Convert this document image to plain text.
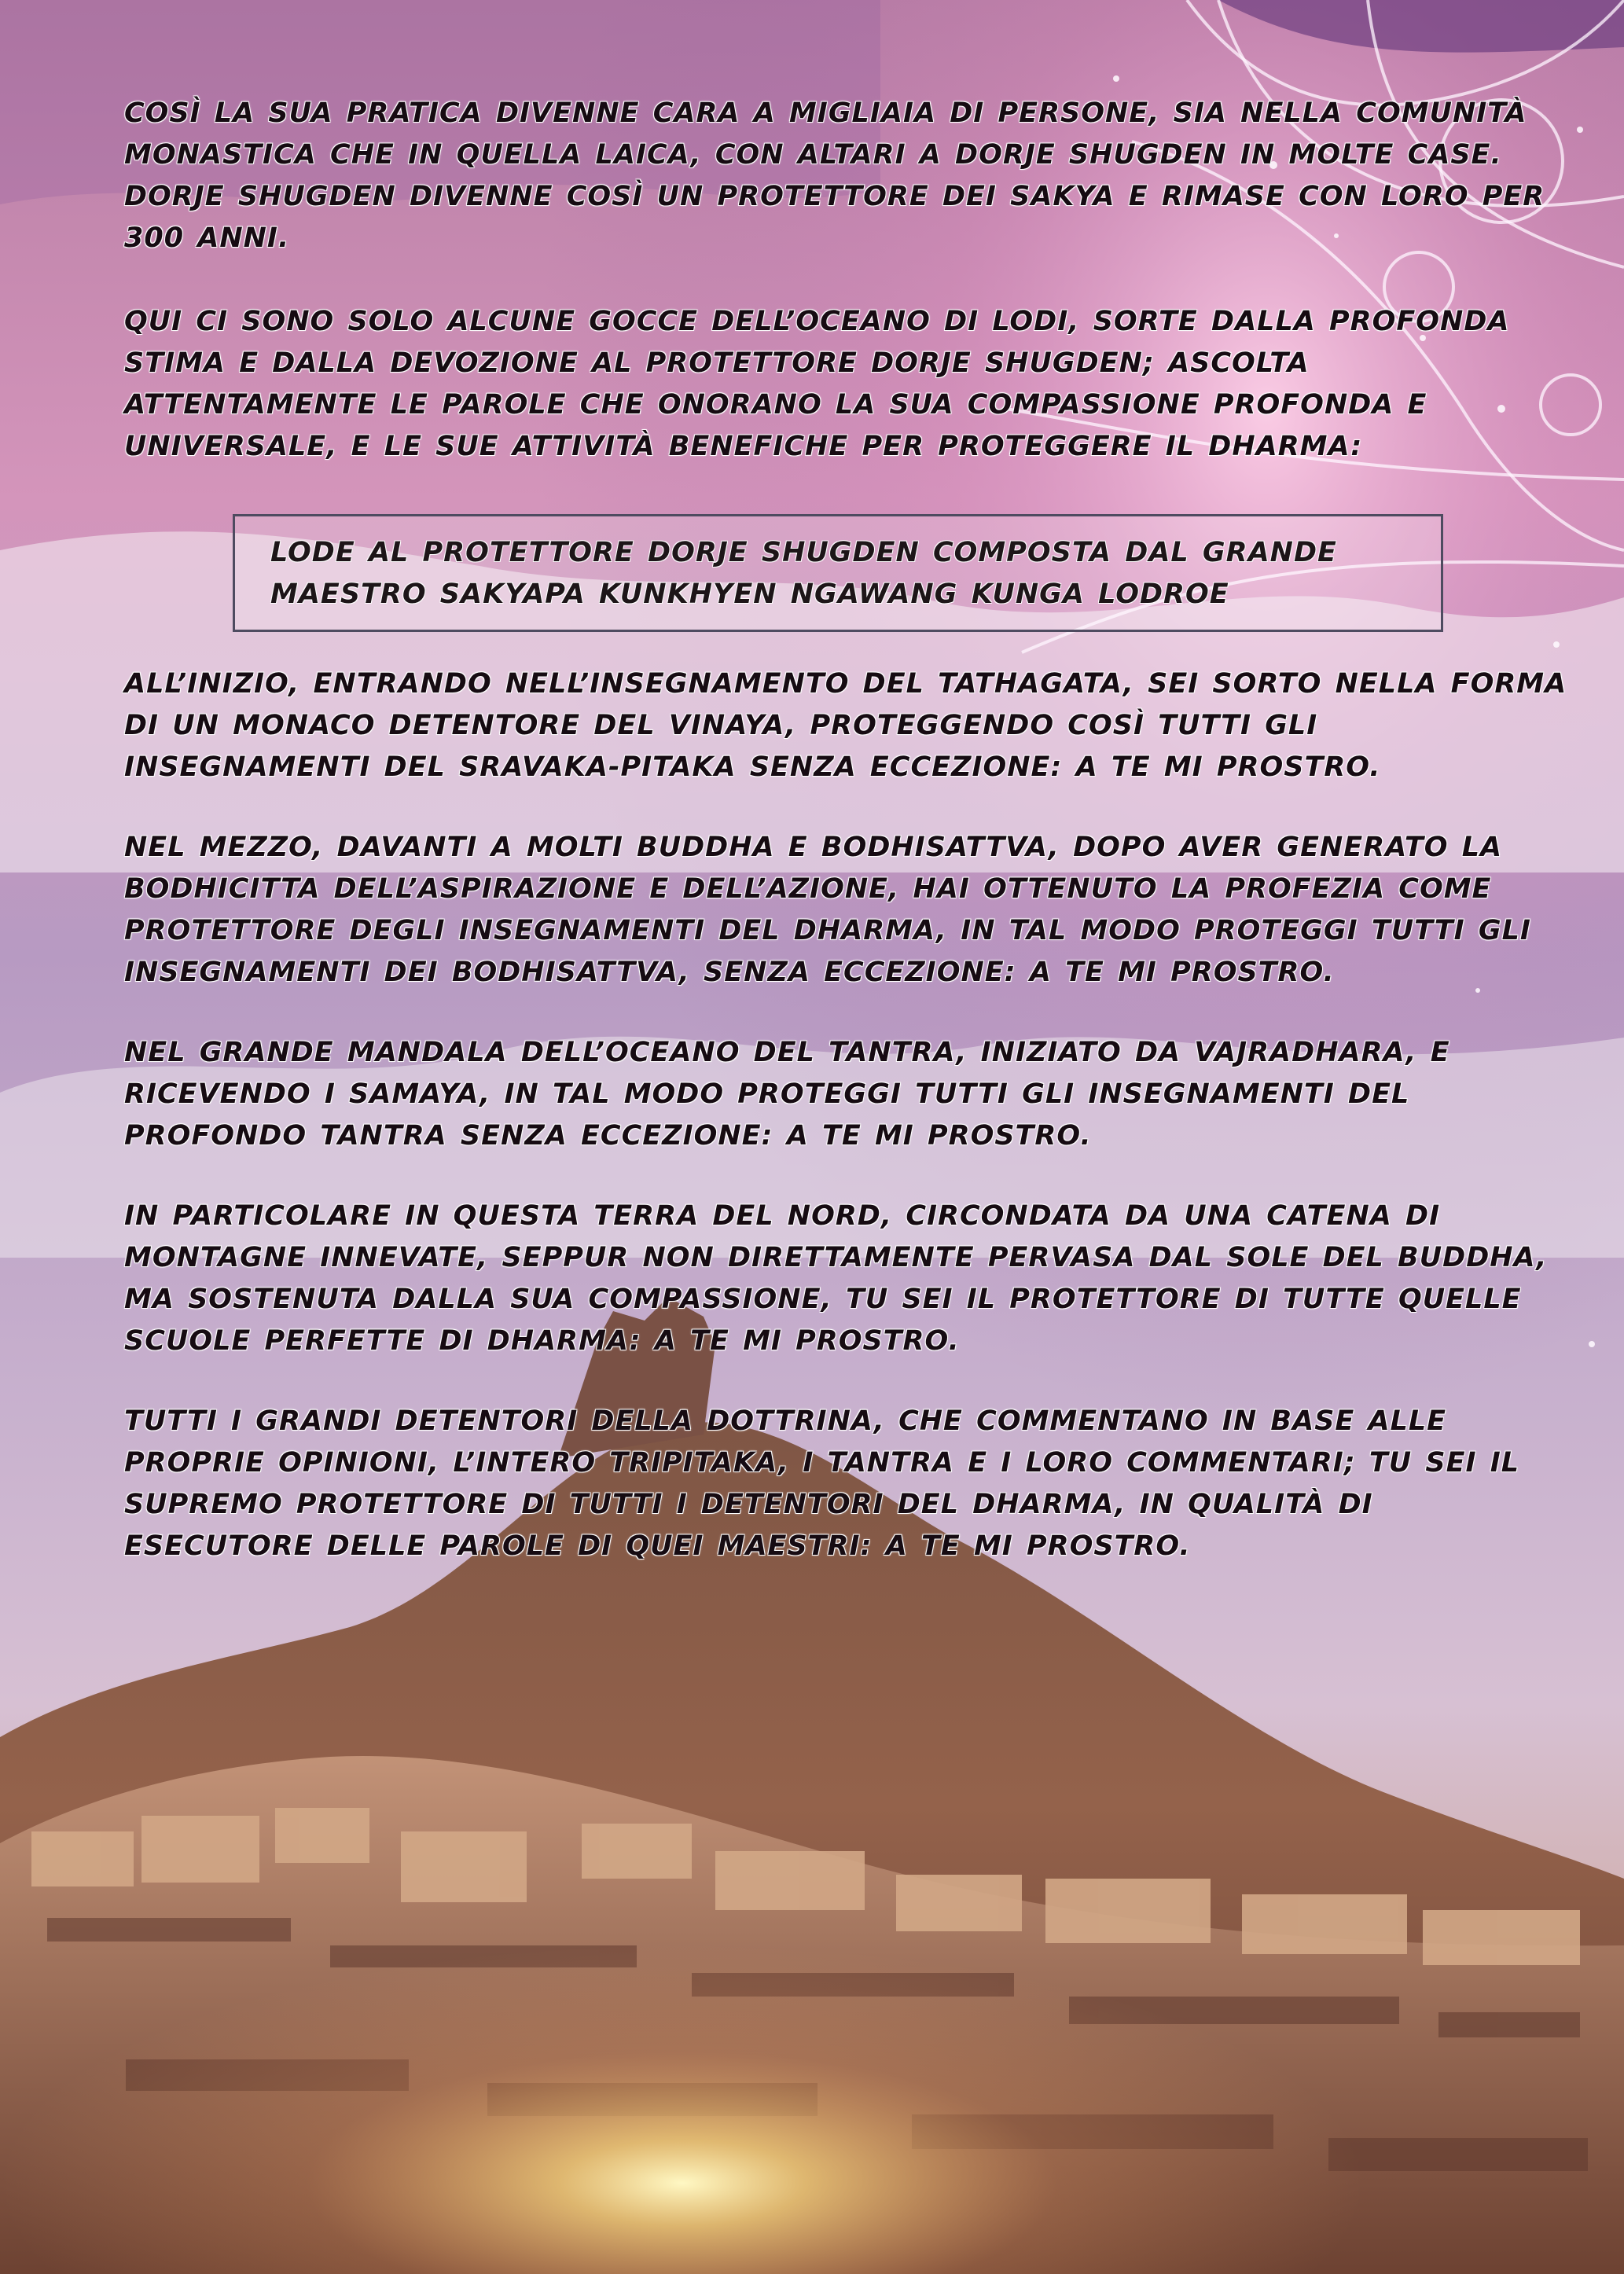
COSÌ LA SUA PRATICA DIVENNE CARA A MIGLIAIA DI PERSONE, SIA NELLA COMUNITÀ MONASTICA CHE IN QUELLA LAICA, CON ALTARI A DORJE SHUGDEN IN MOLTE CASE. DORJE SHUGDEN DIVENNE COSÌ UN PROTETTORE DEI SAKYA E RIMASE CON LORO PER 300 ANNI.

QUI CI SONO SOLO ALCUNE GOCCE DELL’OCEANO DI LODI, SORTE DALLA PROFONDA STIMA E DALLA DEVOZIONE AL PROTETTORE DORJE SHUGDEN; ASCOLTA ATTENTAMENTE LE PAROLE CHE ONORANO LA SUA COMPASSIONE PROFONDA E UNIVERSALE, E LE SUE ATTIVITÀ BENEFICHE PER PROTEGGERE IL DHARMA:

LODE AL PROTETTORE DORJE SHUGDEN COMPOSTA DAL GRANDE MAESTRO SAKYAPA KUNKHYEN NGAWANG KUNGA LODROE

ALL’INIZIO, ENTRANDO NELL’INSEGNAMENTO DEL TATHAGATA, SEI SORTO NELLA FORMA DI UN MONACO DETENTORE DEL VINAYA, PROTEGGENDO COSÌ TUTTI GLI INSEGNAMENTI DEL SRAVAKA-PITAKA SENZA ECCEZIONE: A TE MI PROSTRO.

NEL MEZZO, DAVANTI A MOLTI BUDDHA E BODHISATTVA, DOPO AVER GENERATO LA BODHICITTA DELL’ASPIRAZIONE E DELL’AZIONE, HAI OTTENUTO LA PROFEZIA COME PROTETTORE DEGLI INSEGNAMENTI DEL DHARMA, IN TAL MODO PROTEGGI TUTTI GLI INSEGNAMENTI DEI BODHISATTVA, SENZA ECCEZIONE: A TE MI PROSTRO.

NEL GRANDE MANDALA DELL’OCEANO DEL TANTRA, INIZIATO DA VAJRADHARA, E RICEVENDO I SAMAYA, IN TAL MODO PROTEGGI TUTTI GLI INSEGNAMENTI DEL PROFONDO TANTRA SENZA ECCEZIONE: A TE MI PROSTRO.

IN PARTICOLARE IN QUESTA TERRA DEL NORD, CIRCONDATA DA UNA CATENA DI MONTAGNE INNEVATE, SEPPUR NON DIRETTAMENTE PERVASA DAL SOLE DEL BUDDHA, MA SOSTENUTA DALLA SUA COMPASSIONE, TU SEI IL PROTETTORE DI TUTTE QUELLE SCUOLE PERFETTE DI DHARMA: A TE MI PROSTRO.

TUTTI I GRANDI DETENTORI DELLA DOTTRINA, CHE COMMENTANO IN BASE ALLE PROPRIE OPINIONI, L’INTERO TRIPITAKA, I TANTRA E I LORO COMMENTARI; TU SEI IL SUPREMO PROTETTORE DI TUTTI I DETENTORI DEL DHARMA, IN QUALITÀ DI ESECUTORE DELLE PAROLE DI QUEI MAESTRI: A TE MI PROSTRO.
